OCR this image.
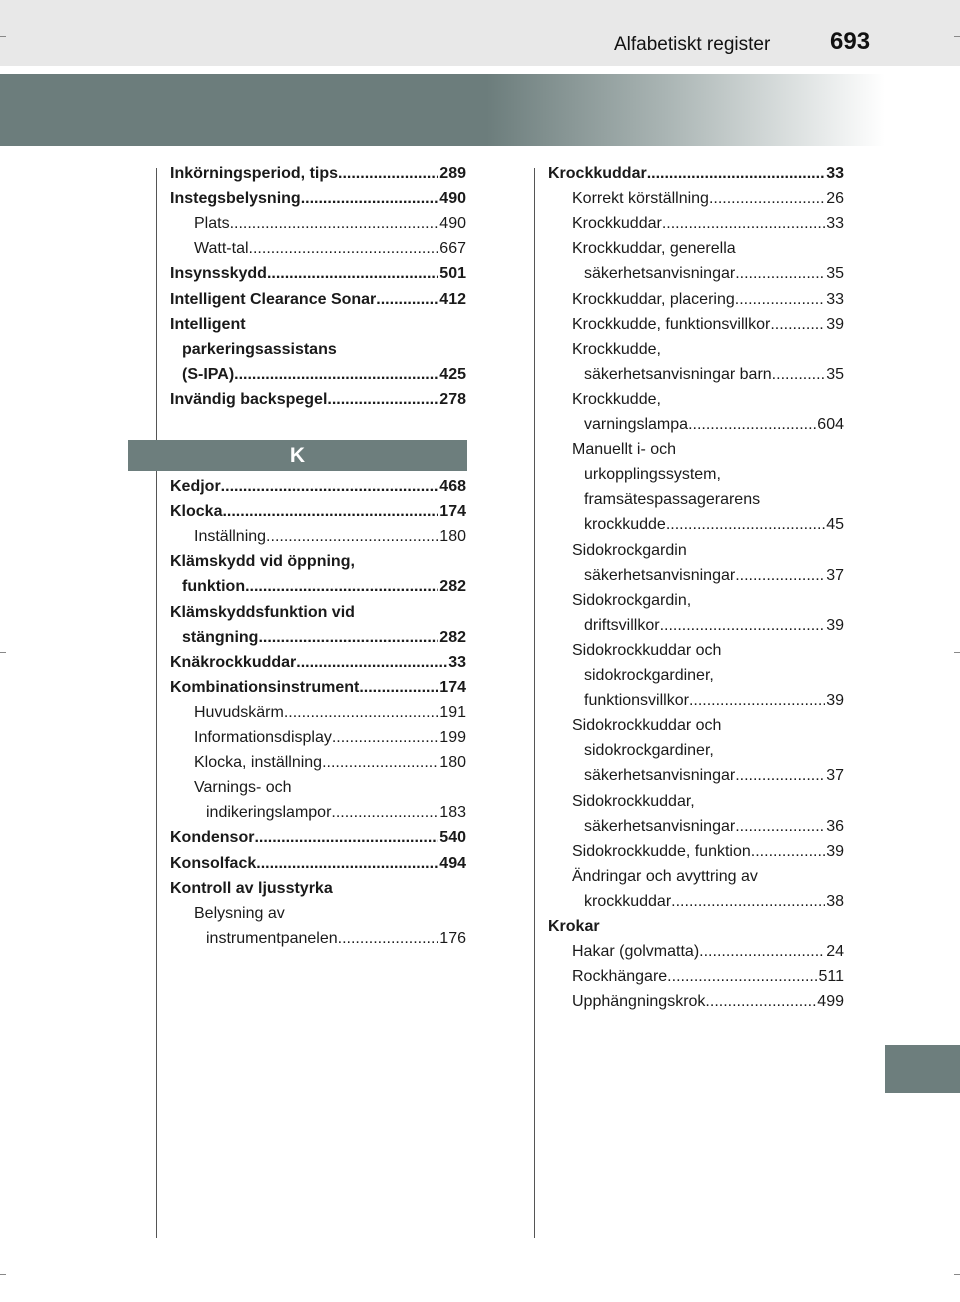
Alfabetiskt register 693
K
Inkörningsperiod, tips .....	289
Instegsbelysning .....	490
Plats .....	490
Watt-tal .....	667
Insynsskydd .....	501
Intelligent Clearance Sonar .....	412
Intelligent
parkeringsassistans
(S-IPA) .....	425
Invändig backspegel .....	278
Kedjor .....	468
Klocka .....	174
Inställning .....	180
Klämskydd vid öppning,
funktion .....	282
Klämskyddsfunktion vid
stängning .....	282
Knäkrockkuddar .....	33
Kombinationsinstrument .....	174
Huvudskärm .....	191
Informationsdisplay .....	199
Klocka, inställning .....	180
Varnings- och
indikeringslampor .....	183
Kondensor .....	540
Konsolfack .....	494
Kontroll av ljusstyrka
Belysning av
instrumentpanelen .....	176
Krockkuddar .....	33
Korrekt körställning .....	26
Krockkuddar .....	33
Krockkuddar, generella
säkerhetsanvisningar .....	35
Krockkuddar, placering .....	33
Krockkudde, funktionsvillkor .....	39
Krockkudde,
säkerhetsanvisningar barn .....	35
Krockkudde,
varningslampa .....	604
Manuellt i- och
urkopplingssystem,
framsätespassagerarens
krockkudde .....	45
Sidokrockgardin
säkerhetsanvisningar .....	37
Sidokrockgardin,
driftsvillkor .....	39
Sidokrockkuddar och
sidokrockgardiner,
funktionsvillkor .....	39
Sidokrockkuddar och
sidokrockgardiner,
säkerhetsanvisningar .....	37
Sidokrockkuddar,
säkerhetsanvisningar .....	36
Sidokrockkudde, funktion .....	39
Ändringar och avyttring av
krockkuddar .....	38
Krokar
Hakar (golvmatta) .....	24
Rockhängare .....	511
Upphängningskrok .....	499
